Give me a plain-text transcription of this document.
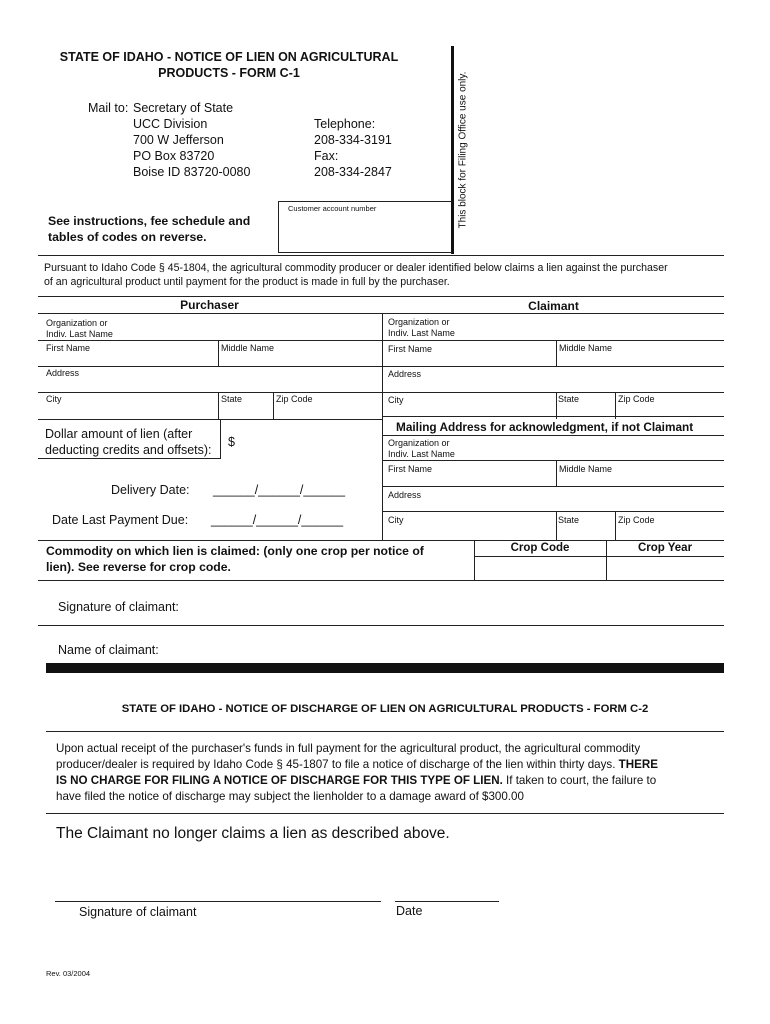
STATE OF IDAHO - NOTICE OF LIEN ON AGRICULTURAL
PRODUCTS - FORM C-1
Mail to: Secretary of State
UCC Division
700 W Jefferson
PO Box 83720
Boise ID 83720-0080
Telephone:
208-334-3191
Fax:
208-334-2847	This block for Filing Office use only.
Customer account number
See instructions, fee schedule and
tables of codes on reverse.
Pursuant to Idaho Code § 45-1804, the agricultural commodity producer or dealer identified below claims a lien against the purchaser
of an agricultural product until payment for the product is made in full by the purchaser.
Purchaser	Claimant
Organization or
Indiv. Last Name
First Name	Middle Name
Address
City	State	Zip Code
Organization or
Indiv. Last Name
First Name	Middle Name
Address
City	State	Zip Code
Dollar amount of lien (after
deducting credits and offsets):
$
Mailing Address for acknowledgment, if not Claimant
Organization or
Indiv. Last Name
First Name	Middle Name
Address
City	State	Zip Code
Delivery Date: ______/______/______
Date Last Payment Due: ______/______/______
Commodity on which lien is claimed: (only one crop per notice of
lien). See reverse for crop code.
Crop Code	Crop Year
Signature of claimant:
Name of claimant:
STATE OF IDAHO - NOTICE OF DISCHARGE OF LIEN ON AGRICULTURAL PRODUCTS - FORM C-2
Upon actual receipt of the purchaser's funds in full payment for the agricultural product, the agricultural commodity
producer/dealer is required by Idaho Code § 45-1807 to file a notice of discharge of the lien within thirty days. THERE
IS NO CHARGE FOR FILING A NOTICE OF DISCHARGE FOR THIS TYPE OF LIEN. If taken to court, the failure to
have filed the notice of discharge may subject the lienholder to a damage award of $300.00
The Claimant no longer claims a lien as described above.
Signature of claimant	Date
Rev. 03/2004
